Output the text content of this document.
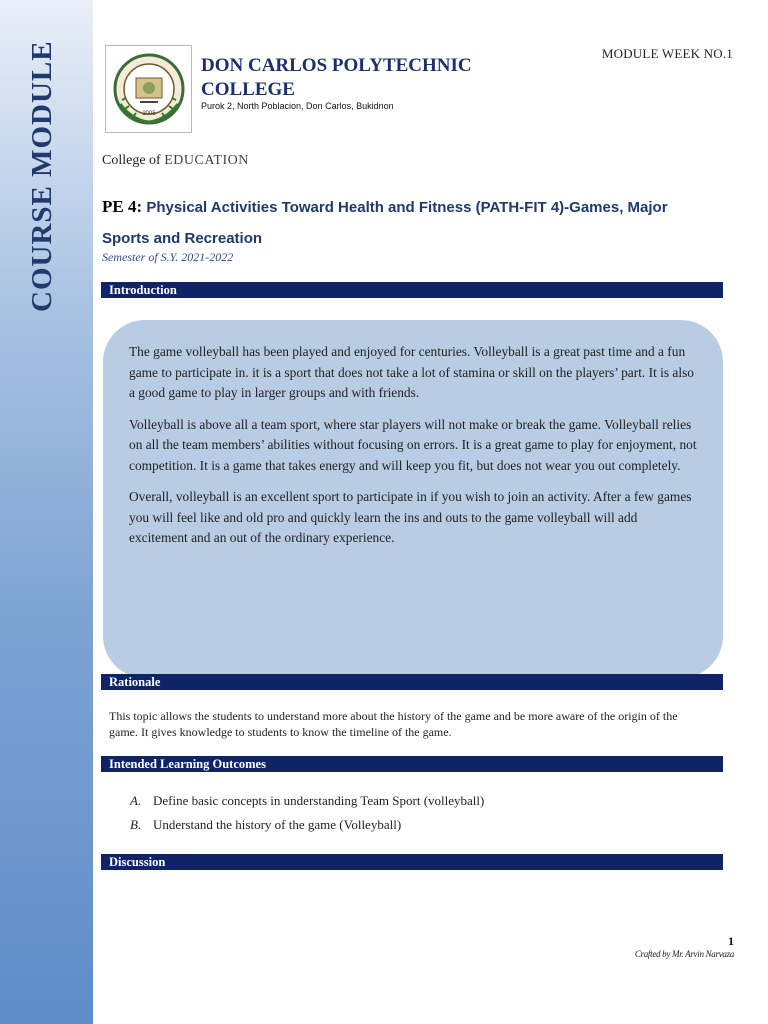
COURSE MODULE	2005
DON CARLOS POLYTECHNIC
COLLEGE
Purok 2, North Poblacion, Don Carlos, Bukidnon
MODULE WEEK NO.1
College of EDUCATION
PE 4: Physical Activities Toward Health and Fitness (PATH-FIT 4)-Games, Major
Sports and Recreation
Semester of S.Y. 2021-2022
Introduction

The game volleyball has been played and enjoyed for centuries. Volleyball is a great past time and a fun game to participate in. it is a sport that does not take a lot of stamina or skill on the players’ part. It is also a good game to play in larger groups and with friends.

Volleyball is above all a team sport, where star players will not make or break the game. Volleyball relies on all the team members’ abilities without focusing on errors. It is a great game to play for enjoyment, not competition. It is a game that takes energy and will keep you fit, but does not wear you out completely.

Overall, volleyball is an excellent sport to participate in if you wish to join an activity. After a few games you will feel like and old pro and quickly learn the ins and outs to the game volleyball will add excitement and an out of the ordinary experience.

Rationale
This topic allows the students to understand more about the history of the game and be more aware of the origin of the game. It gives knowledge to students to know the timeline of the game.
Intended Learning Outcomes
A. Define basic concepts in understanding Team Sport (volleyball)
B. Understand the history of the game (Volleyball)
Discussion
1
Crafted by Mr. Arvin Narvaza
